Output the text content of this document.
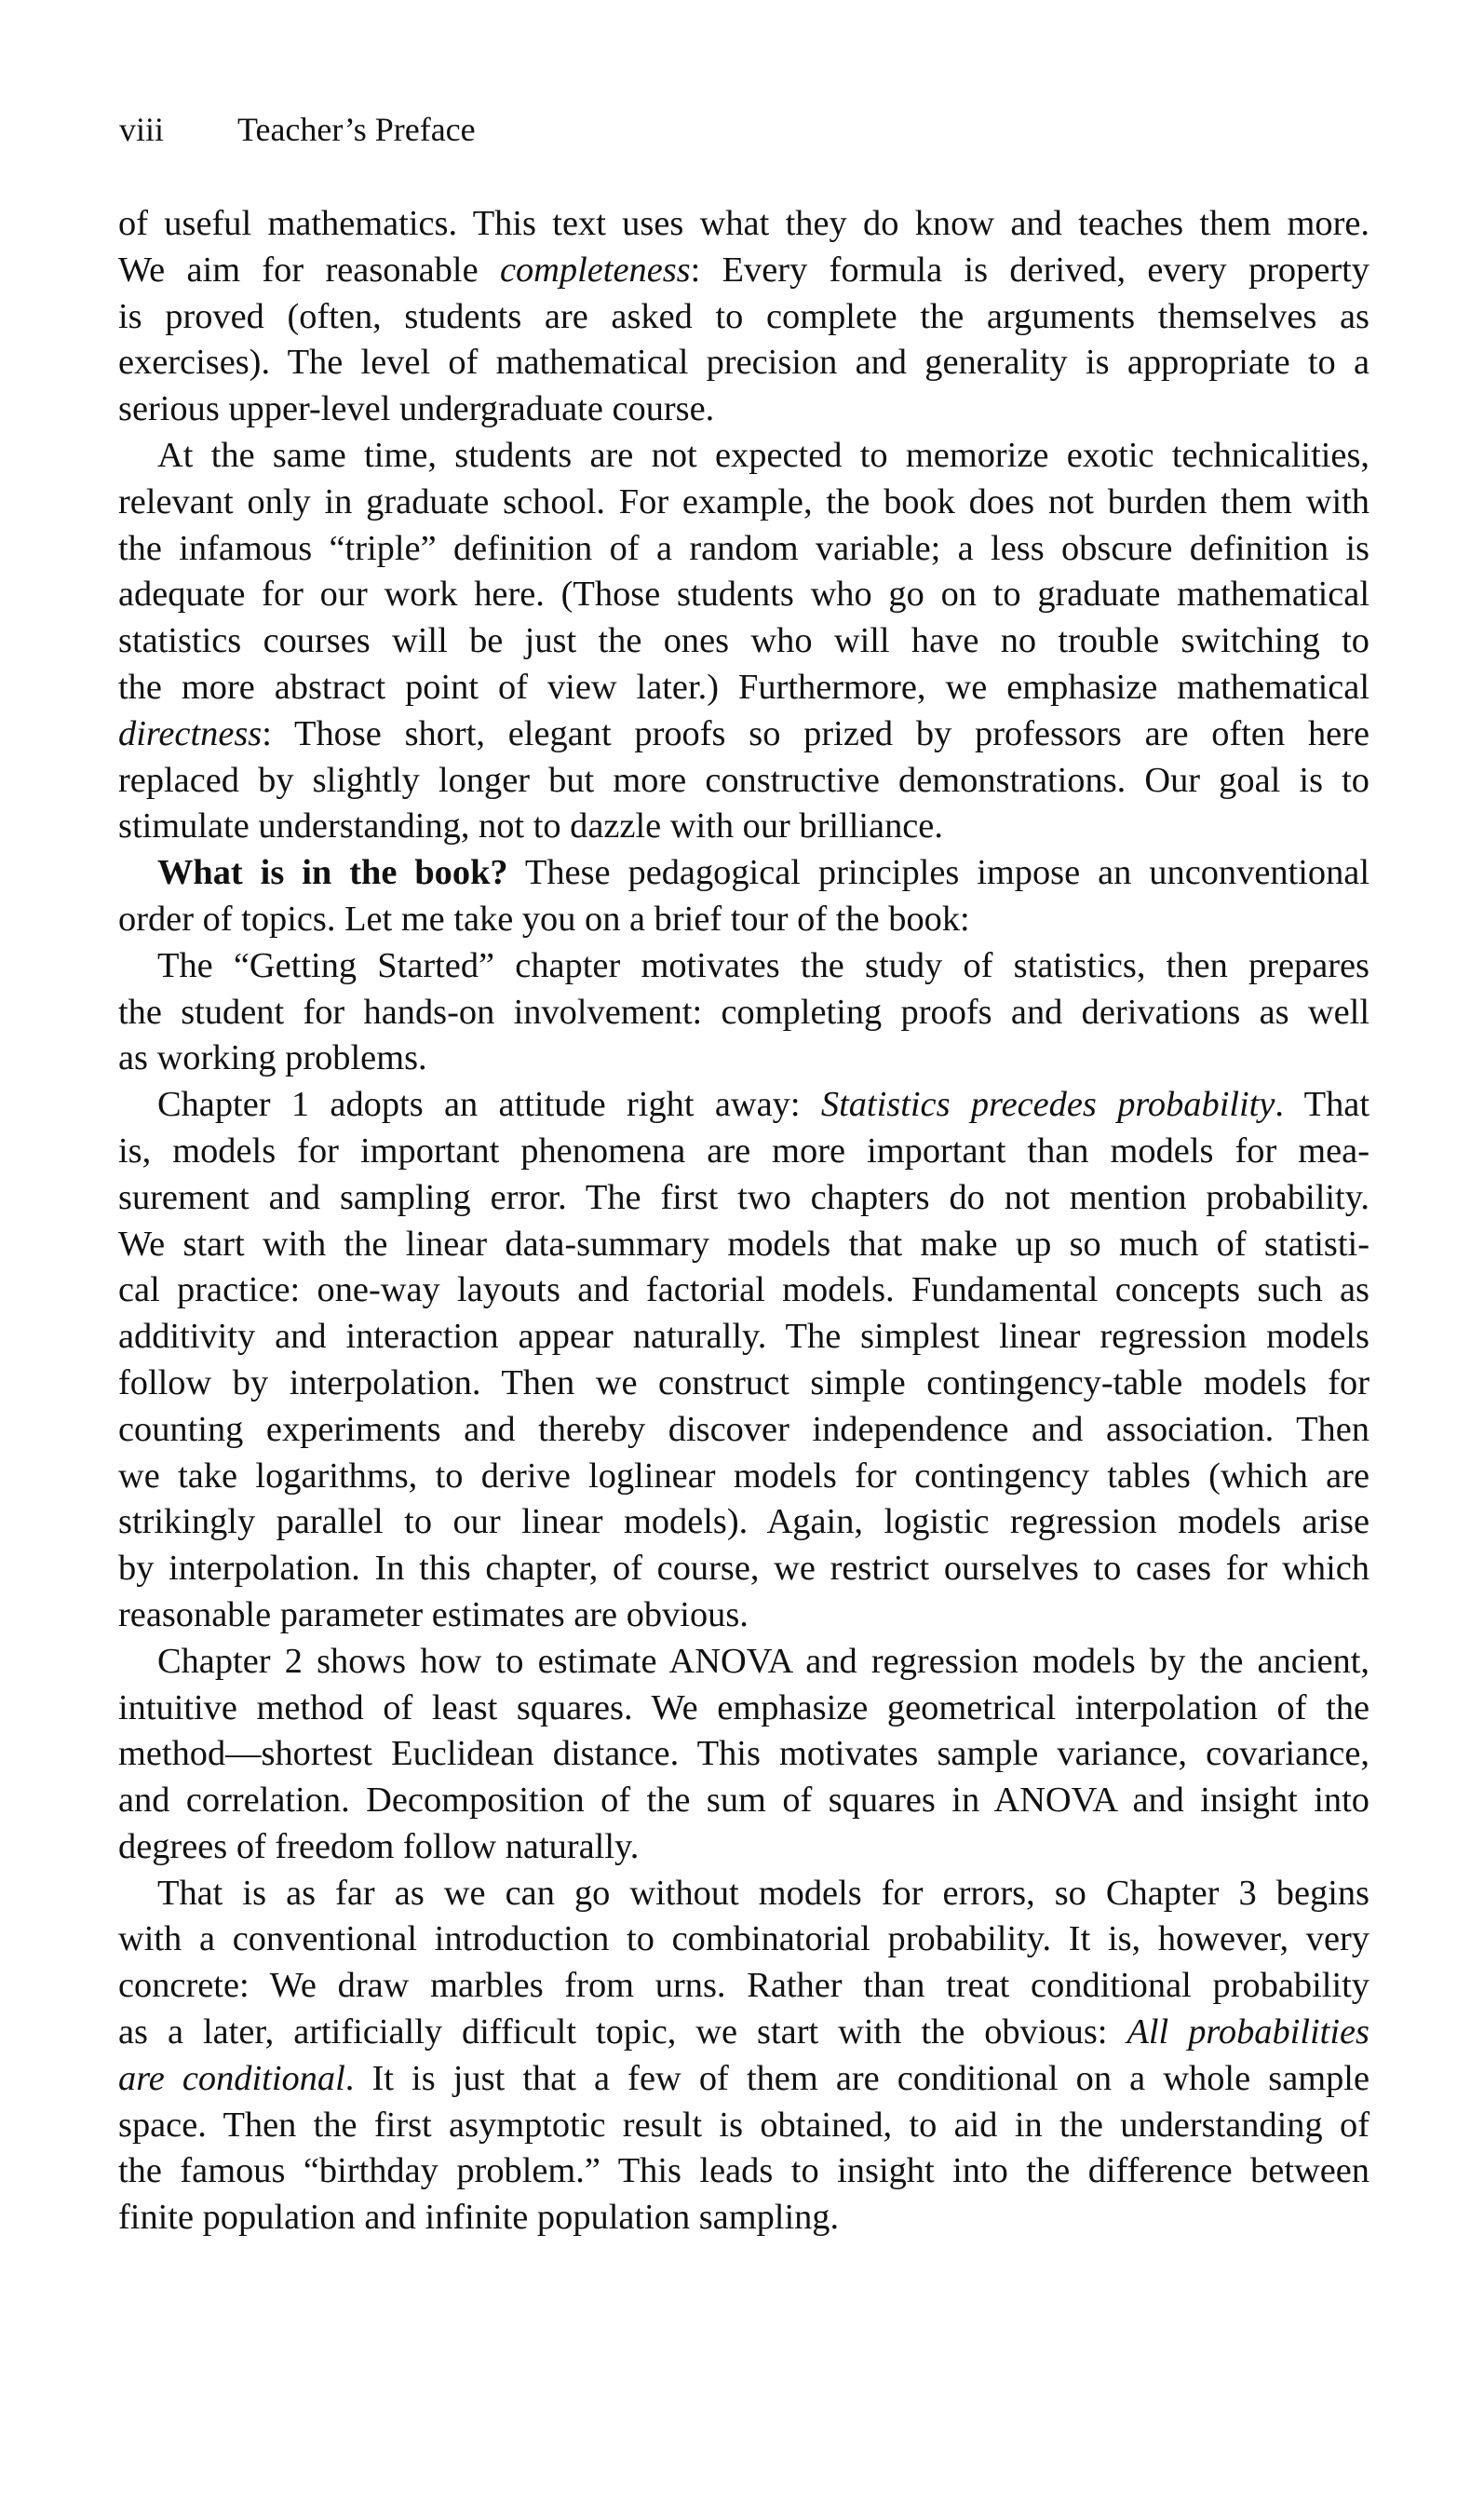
viii Teacher’s Preface
of useful mathematics. This text uses what they do know and teaches them more.
We aim for reasonable completeness: Every formula is derived, every property
is proved (often, students are asked to complete the arguments themselves as
exercises). The level of mathematical precision and generality is appropriate to a
serious upper-level undergraduate course.
At the same time, students are not expected to memorize exotic technicalities,
relevant only in graduate school. For example, the book does not burden them with
the infamous “triple” definition of a random variable; a less obscure definition is
adequate for our work here. (Those students who go on to graduate mathematical
statistics courses will be just the ones who will have no trouble switching to
the more abstract point of view later.) Furthermore, we emphasize mathematical
directness: Those short, elegant proofs so prized by professors are often here
replaced by slightly longer but more constructive demonstrations. Our goal is to
stimulate understanding, not to dazzle with our brilliance.
What is in the book? These pedagogical principles impose an unconventional
order of topics. Let me take you on a brief tour of the book:
The “Getting Started” chapter motivates the study of statistics, then prepares
the student for hands-on involvement: completing proofs and derivations as well
as working problems.
Chapter 1 adopts an attitude right away: Statistics precedes probability. That
is, models for important phenomena are more important than models for mea-
surement and sampling error. The first two chapters do not mention probability.
We start with the linear data-summary models that make up so much of statisti-
cal practice: one-way layouts and factorial models. Fundamental concepts such as
additivity and interaction appear naturally. The simplest linear regression models
follow by interpolation. Then we construct simple contingency-table models for
counting experiments and thereby discover independence and association. Then
we take logarithms, to derive loglinear models for contingency tables (which are
strikingly parallel to our linear models). Again, logistic regression models arise
by interpolation. In this chapter, of course, we restrict ourselves to cases for which
reasonable parameter estimates are obvious.
Chapter 2 shows how to estimate ANOVA and regression models by the ancient,
intuitive method of least squares. We emphasize geometrical interpolation of the
method—shortest Euclidean distance. This motivates sample variance, covariance,
and correlation. Decomposition of the sum of squares in ANOVA and insight into
degrees of freedom follow naturally.
That is as far as we can go without models for errors, so Chapter 3 begins
with a conventional introduction to combinatorial probability. It is, however, very
concrete: We draw marbles from urns. Rather than treat conditional probability
as a later, artificially difficult topic, we start with the obvious: All probabilities
are conditional. It is just that a few of them are conditional on a whole sample
space. Then the first asymptotic result is obtained, to aid in the understanding of
the famous “birthday problem.” This leads to insight into the difference between
finite population and infinite population sampling.
